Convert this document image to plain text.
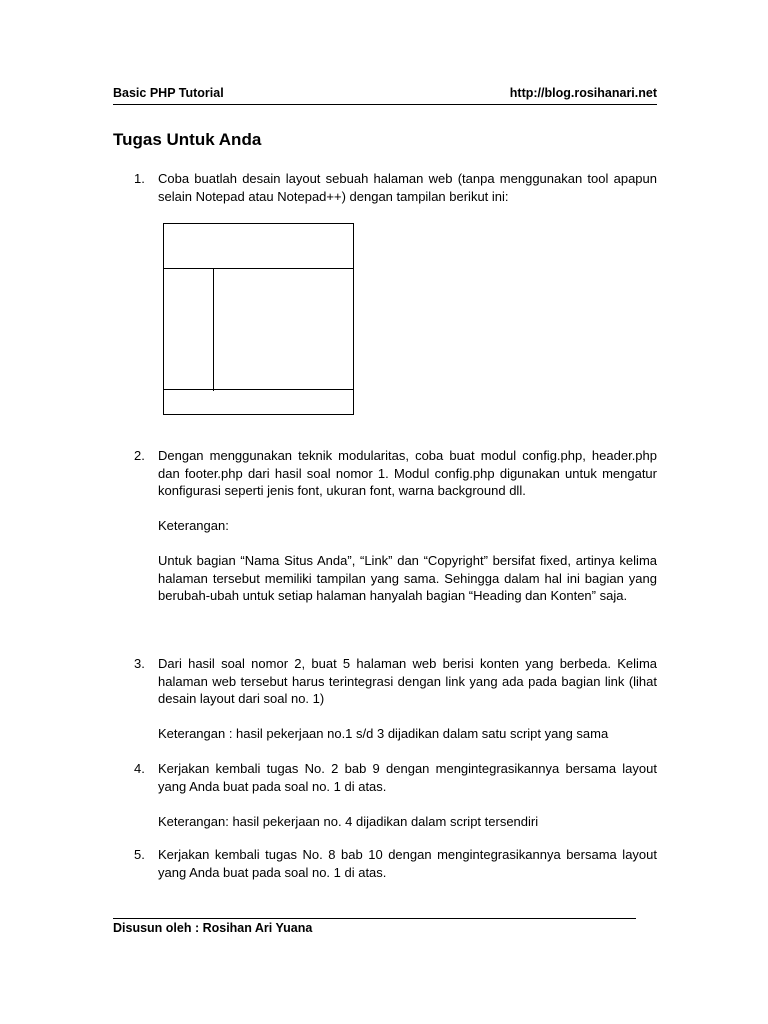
Basic PHP Tutorial	http://blog.rosihanari.net
Tugas Untuk Anda
1. Coba buatlah desain layout sebuah halaman web (tanpa menggunakan tool apapun selain Notepad atau Notepad++) dengan tampilan berikut ini:

2. Dengan menggunakan teknik modularitas, coba buat modul config.php, header.php dan footer.php dari hasil soal nomor 1. Modul config.php digunakan untuk mengatur konfigurasi seperti jenis font, ukuran font, warna background dll.

Keterangan:

Untuk bagian “Nama Situs Anda”, “Link” dan “Copyright” bersifat fixed, artinya kelima halaman tersebut memiliki tampilan yang sama. Sehingga dalam hal ini bagian yang berubah-ubah untuk setiap halaman hanyalah bagian “Heading dan Konten” saja.

3. Dari hasil soal nomor 2, buat 5 halaman web berisi konten yang berbeda. Kelima halaman web tersebut harus terintegrasi dengan link yang ada pada bagian link (lihat desain layout dari soal no. 1)

Keterangan : hasil pekerjaan no.1 s/d 3 dijadikan dalam satu script yang sama

4. Kerjakan kembali tugas No. 2 bab 9 dengan mengintegrasikannya bersama layout yang Anda buat pada soal no. 1 di atas.

Keterangan: hasil pekerjaan no. 4 dijadikan dalam script tersendiri

5. Kerjakan kembali tugas No. 8 bab 10 dengan mengintegrasikannya bersama layout yang Anda buat pada soal no. 1 di atas.

Disusun oleh : Rosihan Ari Yuana
